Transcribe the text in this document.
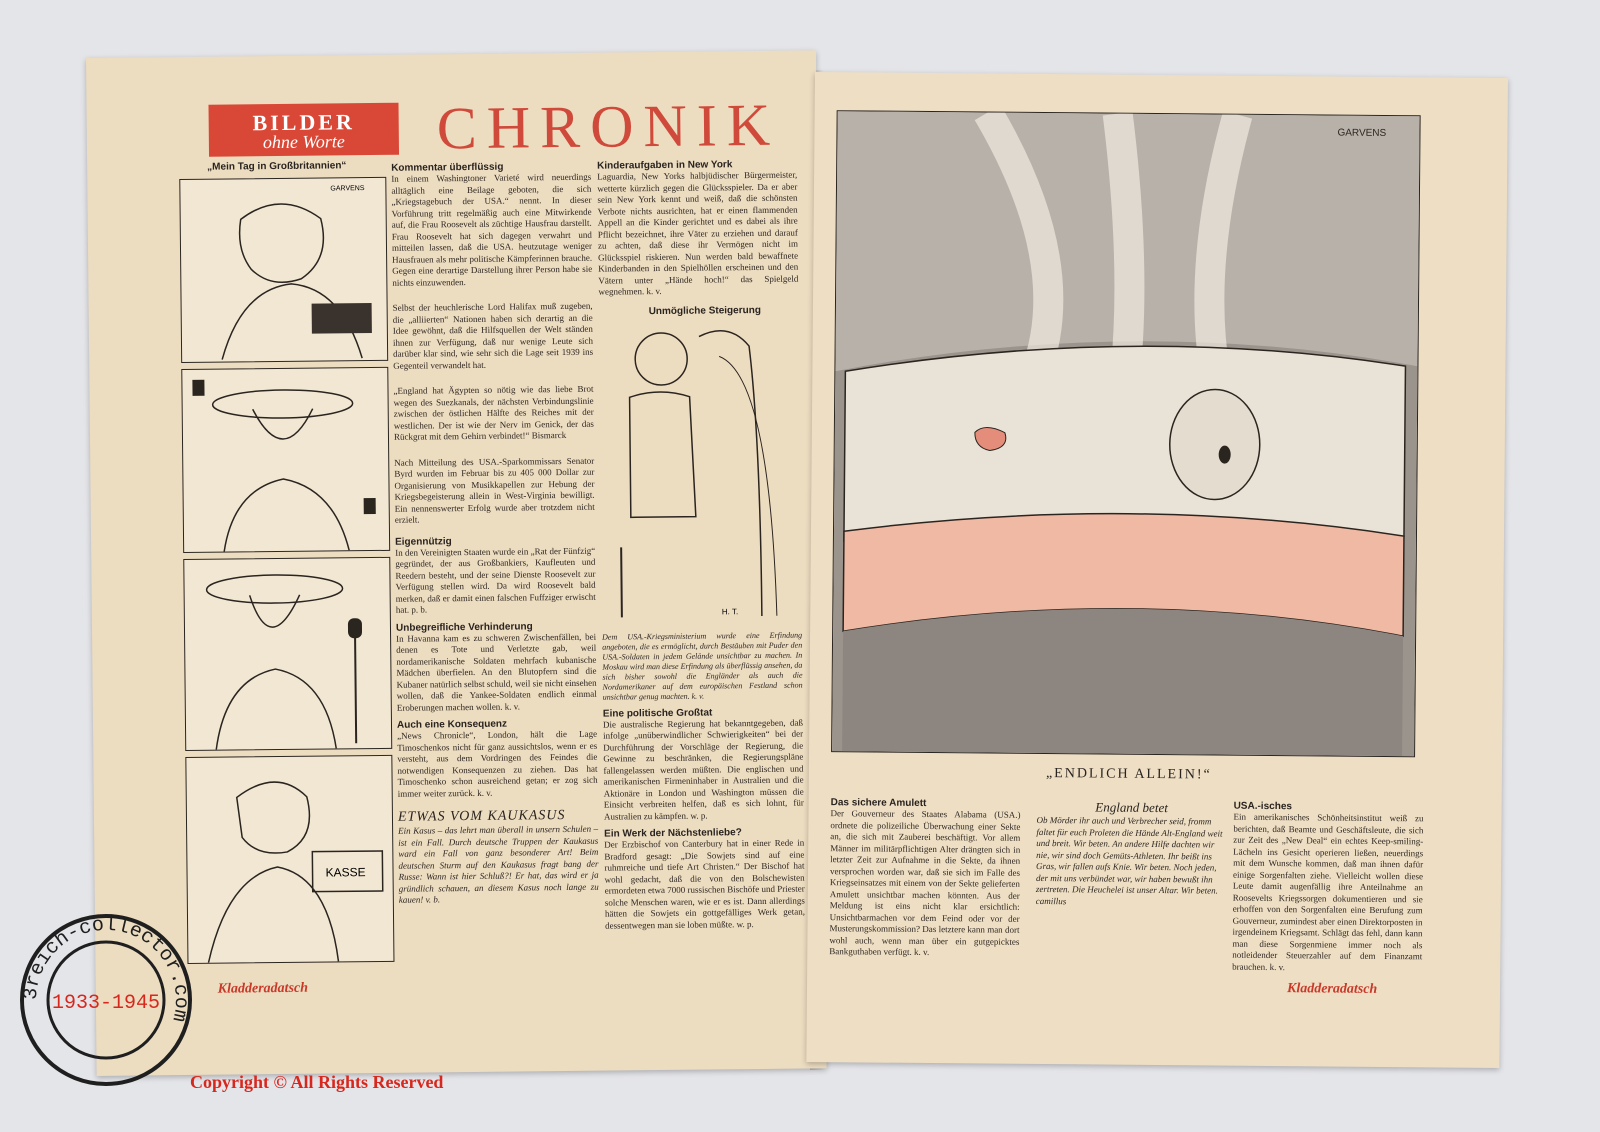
BILDER
ohne Worte	CHRONIK
„Mein Tag in Großbritannien“
GARVENS
KASSE
Kommentar überflüssig
In einem Washingtoner Varieté wird neuerdings alltäglich eine Beilage geboten, die sich „Kriegstagebuch der USA.“ nennt. In dieser Vorführung tritt regelmäßig auch eine Mitwirkende auf, die Frau Roosevelt als züchtige Hausfrau darstellt. Frau Roosevelt hat sich dagegen verwahrt und mitteilen lassen, daß die USA. heutzutage weniger Hausfrauen als mehr politische Kämpferinnen brauche. Gegen eine derartige Darstellung ihrer Person habe sie nichts einzuwenden.
Selbst der heuchlerische Lord Halifax muß zugeben, die „alliierten“ Nationen haben sich derartig an die Idee gewöhnt, daß die Hilfsquellen der Welt ständen ihnen zur Verfügung, daß nur wenige Leute sich darüber klar sind, wie sehr sich die Lage seit 1939 ins Gegenteil verwandelt hat.
„England hat Ägypten so nötig wie das liebe Brot wegen des Suezkanals, der nächsten Verbindungslinie zwischen der östlichen Hälfte des Reiches mit der westlichen. Der ist wie der Nerv im Genick, der das Rückgrat mit dem Gehirn verbindet!“ Bismarck
Nach Mitteilung des USA.-Sparkommissars Senator Byrd wurden im Februar bis zu 405 000 Dollar zur Organisierung von Musikkapellen zur Hebung der Kriegsbegeisterung allein in West-Virginia bewilligt. Ein nennenswerter Erfolg wurde aber trotzdem nicht erzielt.
Eigennützig
In den Vereinigten Staaten wurde ein „Rat der Fünfzig“ gegründet, der aus Großbankiers, Kaufleuten und Reedern besteht, und der seine Dienste Roosevelt zur Verfügung stellen wird. Da wird Roosevelt bald merken, daß er damit einen falschen Fuffziger erwischt hat. p. b.
Unbegreifliche Verhinderung
In Havanna kam es zu schweren Zwischenfällen, bei denen es Tote und Verletzte gab, weil nordamerikanische Soldaten mehrfach kubanische Mädchen überfielen. An den Blutopfern sind die Kubaner natürlich selbst schuld, weil sie nicht einsehen wollen, daß die Yankee-Soldaten endlich einmal Eroberungen machen wollen. k. v.
Auch eine Konsequenz
„News Chronicle“, London, hält die Lage Timoschenkos nicht für ganz aussichtslos, wenn er es versteht, aus dem Vordringen des Feindes die notwendigen Konsequenzen zu ziehen. Das hat Timoschenko schon ausreichend getan; er zog sich immer weiter zurück. k. v.
ETWAS VOM KAUKASUS
Ein Kasus – das lehrt man überall in unsern Schulen – ist ein Fall. Durch deutsche Truppen der Kaukasus ward ein Fall von ganz besonderer Art! Beim deutschen Sturm auf den Kaukasus fragt bang der Russe: Wann ist hier Schluß?! Er hat, das wird er ja gründlich schauen, an diesem Kasus noch lange zu kauen! v. b.
Kinderaufgaben in New York
Laguardia, New Yorks halbjüdischer Bürgermeister, wetterte kürzlich gegen die Glücksspieler. Da er aber sein New York kennt und weiß, daß die schönsten Verbote nichts ausrichten, hat er einen flammenden Appell an die Kinder gerichtet und es dabei als ihre Pflicht bezeichnet, ihre Väter zu erziehen und darauf zu achten, daß diese ihr Vermögen nicht im Glücksspiel riskieren. Nun werden bald bewaffnete Kinderbanden in den Spielhöllen erscheinen und den Vätern unter „Hände hoch!“ das Spielgeld wegnehmen. k. v.
Unmögliche Steigerung
H. T.
Dem USA.-Kriegsministerium wurde eine Erfindung angeboten, die es ermöglicht, durch Bestäuben mit Puder den USA.-Soldaten in jedem Gelände unsichtbar zu machen. In Moskau wird man diese Erfindung als überflüssig ansehen, da sich bisher sowohl die Engländer als auch die Nordamerikaner auf dem europäischen Festland schon unsichtbar genug machten. k. v.
Eine politische Großtat
Die australische Regierung hat bekanntgegeben, daß infolge „unüberwindlicher Schwierigkeiten“ bei der Durchführung der Vorschläge der Regierung, die Gewinne zu beschränken, die Regierungspläne fallengelassen werden müßten. Die englischen und amerikanischen Firmeninhaber in Australien und die Aktionäre in London und Washington müssen die Einsicht verbreiten helfen, daß es sich lohnt, für Australien zu kämpfen. w. p.
Ein Werk der Nächstenliebe?
Der Erzbischof von Canterbury hat in einer Rede in Bradford gesagt: „Die Sowjets sind auf eine ruhmreiche und tiefe Art Christen.“ Der Bischof hat wohl gedacht, daß die von den Bolschewisten ermordeten etwa 7000 russischen Bischöfe und Priester solche Menschen waren, wie er es ist. Dann allerdings hätten die Sowjets ein gottgefälliges Werk getan, dessentwegen man sie loben müßte. w. p.
Kladderadatsch
GARVENS
„ENDLICH ALLEIN!“
Das sichere Amulett
Der Gouverneur des Staates Alabama (USA.) ordnete die polizeiliche Überwachung einer Sekte an, die sich mit Zauberei beschäftigt. Vor allem Männer im militärpflichtigen Alter drängten sich in letzter Zeit zur Aufnahme in die Sekte, da ihnen versprochen worden war, daß sie sich im Falle des Kriegseinsatzes mit einem von der Sekte gelieferten Amulett unsichtbar machen könnten. Aus der Meldung ist eins nicht klar ersichtlich: Unsichtbarmachen vor dem Feind oder vor der Musterungskommission? Das letztere kann man dort wohl auch, wenn man über ein gutgepicktes Bankguthaben verfügt. k. v.
England betet
Ob Mörder ihr auch und Verbrecher seid, fromm faltet für euch Proleten die Hände Alt-England weit und breit. Wir beten. An andere Hilfe dachten wir nie, wir sind doch Gemüts-Athleten. Ihr beißt ins Gras, wir fallen aufs Knie. Wir beten. Noch jeden, der mit uns verbündet war, wir haben bewußt ihn zertreten. Die Heuchelei ist unser Altar. Wir beten. camillus
USA.-isches
Ein amerikanisches Schönheitsinstitut weiß zu berichten, daß Beamte und Geschäftsleute, die sich zur Zeit des „New Deal“ ein echtes Keep-smiling-Lächeln ins Gesicht operieren ließen, neuerdings mit dem Wunsche kommen, daß man ihnen dafür einige Sorgenfalten ziehe. Vielleicht wollen diese Leute damit augenfällig ihre Anteilnahme an Roosevelts Kriegssorgen dokumentieren und sie erhoffen von den Sorgenfalten eine Berufung zum Gouverneur, zumindest aber einen Direktorposten in irgendeinem Kriegsamt. Schlägt das fehl, dann kann man diese Sorgenmiene immer noch als notleidender Steuerzahler auf dem Finanzamt brauchen. k. v.
Kladderadatsch
3reich-collector.com
1933-1945
Copyright © All Rights Reserved
